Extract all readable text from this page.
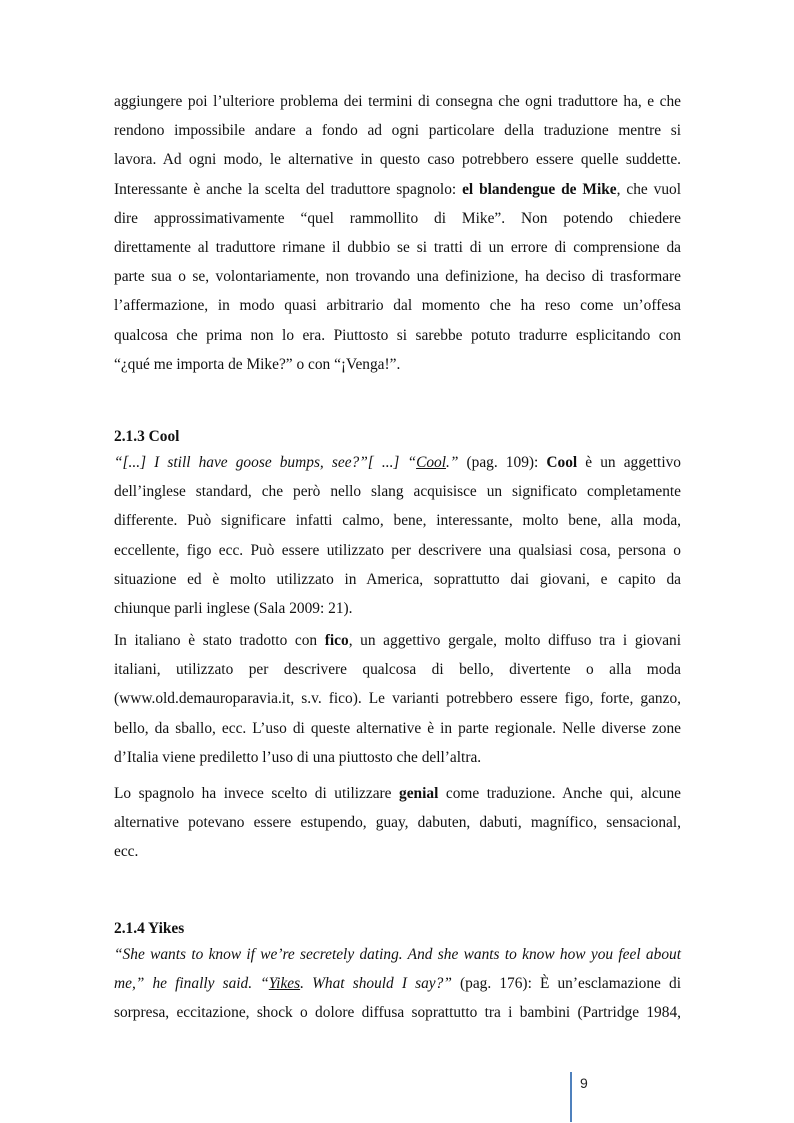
aggiungere poi l’ulteriore problema dei termini di consegna che ogni traduttore ha, e che
rendono impossibile andare a fondo ad ogni particolare della traduzione mentre si
lavora. Ad ogni modo, le alternative in questo caso potrebbero essere quelle suddette.
Interessante è anche la scelta del traduttore spagnolo: el blandengue de Mike, che vuol
dire approssimativamente “quel rammollito di Mike”. Non potendo chiedere
direttamente al traduttore rimane il dubbio se si tratti di un errore di comprensione da
parte sua o se, volontariamente, non trovando una definizione, ha deciso di trasformare
l’affermazione, in modo quasi arbitrario dal momento che ha reso come un’offesa
qualcosa che prima non lo era. Piuttosto si sarebbe potuto tradurre esplicitando con
“¿qué me importa de Mike?” o con “¡Venga!”.
2.1.3 Cool
“[...] I still have goose bumps, see?”[ ...] “Cool.” (pag. 109): Cool è un aggettivo
dell’inglese standard, che però nello slang acquisisce un significato completamente
differente. Può significare infatti calmo, bene, interessante, molto bene, alla moda,
eccellente, figo ecc. Può essere utilizzato per descrivere una qualsiasi cosa, persona o
situazione ed è molto utilizzato in America, soprattutto dai giovani, e capito da
chiunque parli inglese (Sala 2009: 21).
In italiano è stato tradotto con fico, un aggettivo gergale, molto diffuso tra i giovani
italiani, utilizzato per descrivere qualcosa di bello, divertente o alla moda
(www.old.demauroparavia.it, s.v. fico). Le varianti potrebbero essere figo, forte, ganzo,
bello, da sballo, ecc. L’uso di queste alternative è in parte regionale. Nelle diverse zone
d’Italia viene prediletto l’uso di una piuttosto che dell’altra.
Lo spagnolo ha invece scelto di utilizzare genial come traduzione. Anche qui, alcune
alternative potevano essere estupendo, guay, dabuten, dabuti, magnífico, sensacional,
ecc.
2.1.4 Yikes
“She wants to know if we’re secretely dating. And she wants to know how you feel about
me,” he finally said. “Yikes. What should I say?” (pag. 176): È un’esclamazione di
sorpresa, eccitazione, shock o dolore diffusa soprattutto tra i bambini (Partridge 1984,
9
